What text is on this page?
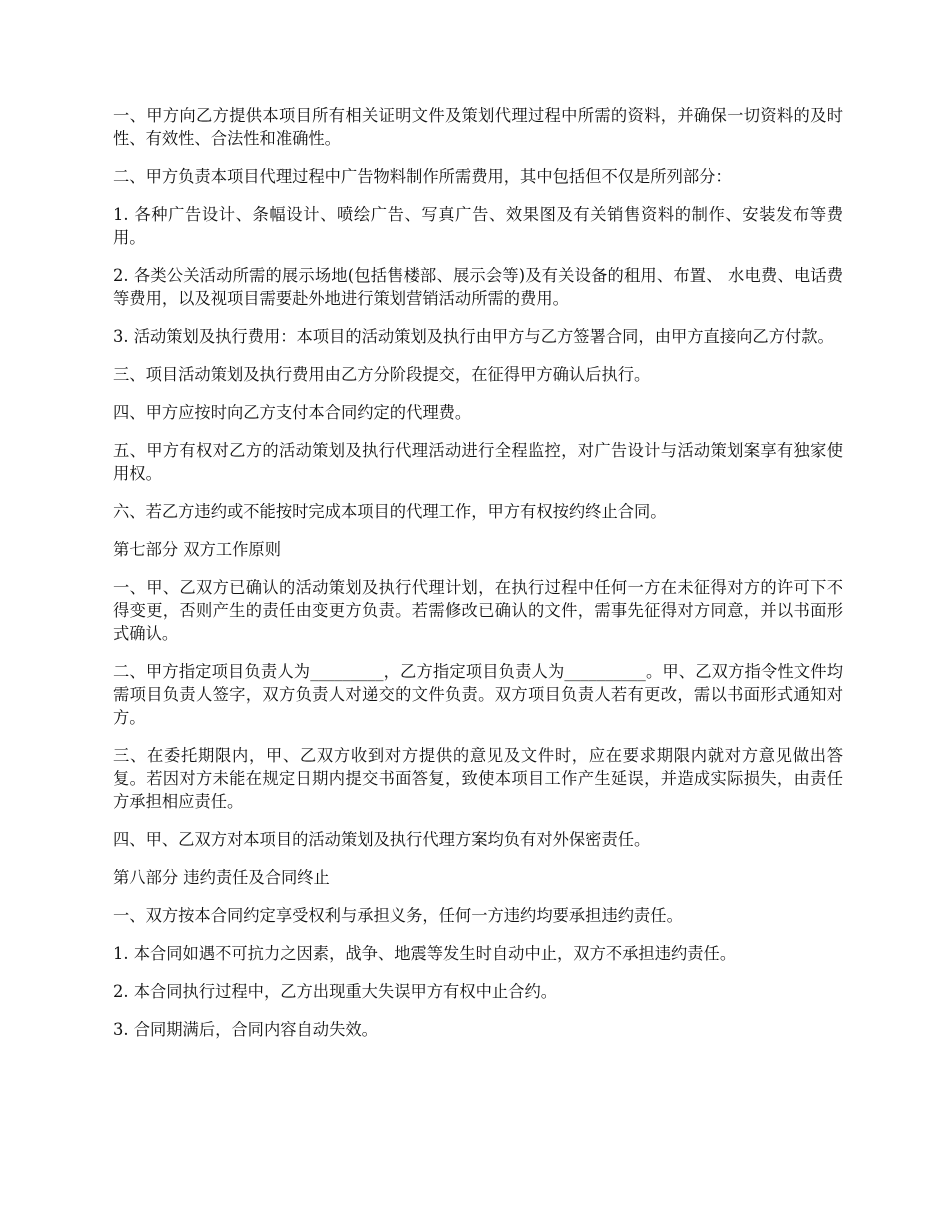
一、甲方向乙方提供本项目所有相关证明文件及策划代理过程中所需的资料，并确保一切资料的及时性、有效性、合法性和准确性。

二、甲方负责本项目代理过程中广告物料制作所需费用，其中包括但不仅是所列部分：

1. 各种广告设计、条幅设计、喷绘广告、写真广告、效果图及有关销售资料的制作、安装发布等费用。

2. 各类公关活动所需的展示场地(包括售楼部、展示会等)及有关设备的租用、布置、 水电费、电话费等费用，以及视项目需要赴外地进行策划营销活动所需的费用。

3. 活动策划及执行费用：本项目的活动策划及执行由甲方与乙方签署合同，由甲方直接向乙方付款。

三、项目活动策划及执行费用由乙方分阶段提交，在征得甲方确认后执行。

四、甲方应按时向乙方支付本合同约定的代理费。

五、甲方有权对乙方的活动策划及执行代理活动进行全程监控，对广告设计与活动策划案享有独家使用权。

六、若乙方违约或不能按时完成本项目的代理工作，甲方有权按约终止合同。

第七部分 双方工作原则

一、甲、乙双方已确认的活动策划及执行代理计划，在执行过程中任何一方在未征得对方的许可下不得变更，否则产生的责任由变更方负责。若需修改已确认的文件，需事先征得对方同意，并以书面形式确认。

二、甲方指定项目负责人为_________，乙方指定项目负责人为__________。甲、乙双方指令性文件均需项目负责人签字，双方负责人对递交的文件负责。双方项目负责人若有更改，需以书面形式通知对方。

三、在委托期限内，甲、乙双方收到对方提供的意见及文件时，应在要求期限内就对方意见做出答复。若因对方未能在规定日期内提交书面答复，致使本项目工作产生延误，并造成实际损失，由责任方承担相应责任。

四、甲、乙双方对本项目的活动策划及执行代理方案均负有对外保密责任。

第八部分 违约责任及合同终止

一、双方按本合同约定享受权利与承担义务，任何一方违约均要承担违约责任。

1. 本合同如遇不可抗力之因素，战争、地震等发生时自动中止，双方不承担违约责任。

2. 本合同执行过程中，乙方出现重大失误甲方有权中止合约。

3. 合同期满后，合同内容自动失效。
